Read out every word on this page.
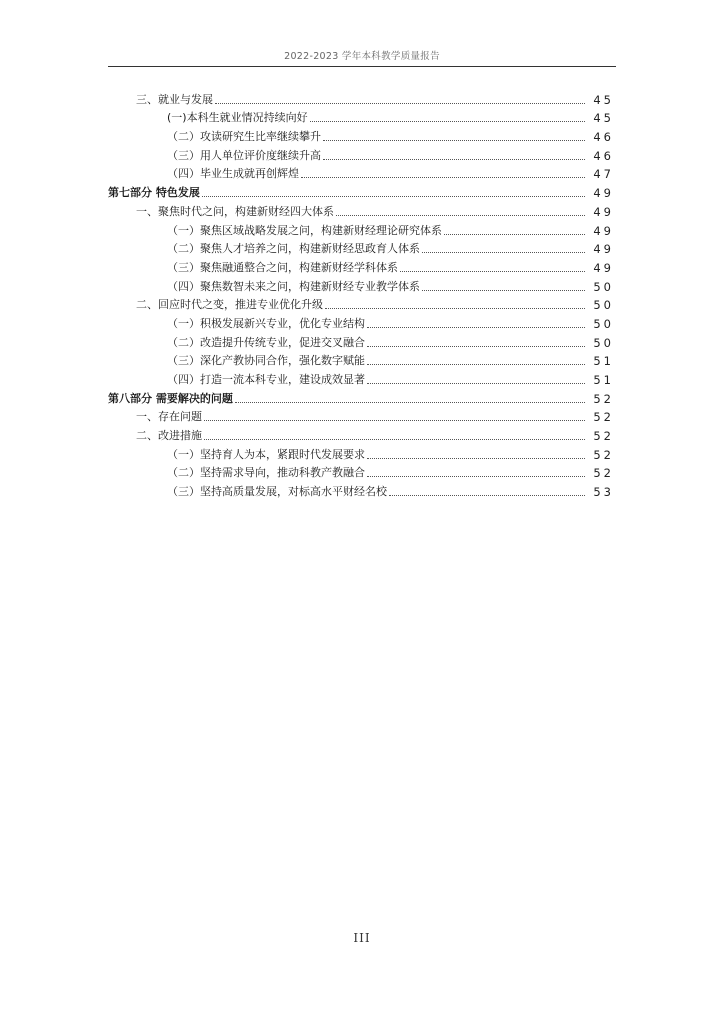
2022-2023 学年本科教学质量报告
三、就业与发展	45
(一)本科生就业情况持续向好	45
（二）攻读研究生比率继续攀升	46
（三）用人单位评价度继续升高	46
（四）毕业生成就再创辉煌	47
第七部分 特色发展	49
一、聚焦时代之问，构建新财经四大体系	49
（一）聚焦区域战略发展之问，构建新财经理论研究体系	49
（二）聚焦人才培养之问，构建新财经思政育人体系	49
（三）聚焦融通整合之问，构建新财经学科体系	49
（四）聚焦数智未来之问，构建新财经专业教学体系	50
二、回应时代之变，推进专业优化升级	50
（一）积极发展新兴专业，优化专业结构	50
（二）改造提升传统专业，促进交叉融合	50
（三）深化产教协同合作，强化数字赋能	51
（四）打造一流本科专业，建设成效显著	51
第八部分 需要解决的问题	52
一、存在问题	52
二、改进措施	52
（一）坚持育人为本，紧跟时代发展要求	52
（二）坚持需求导向，推动科教产教融合	52
（三）坚持高质量发展，对标高水平财经名校	53
III
